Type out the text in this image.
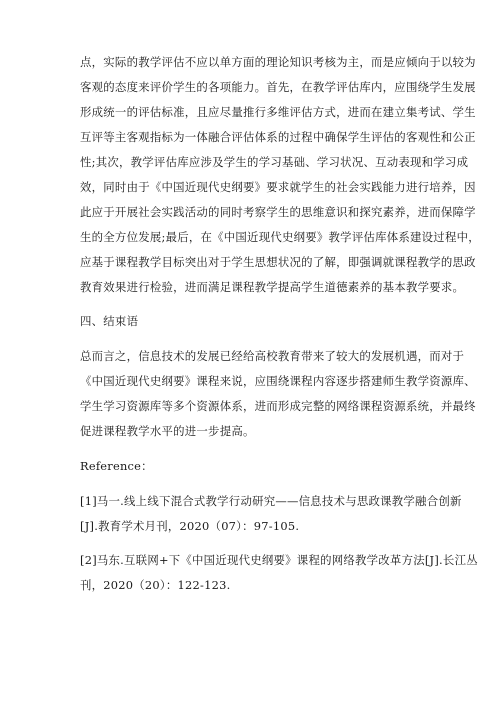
点，实际的教学评估不应以单方面的理论知识考核为主，而是应倾向于以较为
客观的态度来评价学生的各项能力。首先，在教学评估库内，应围绕学生发展
形成统一的评估标准，且应尽量推行多维评估方式，进而在建立集考试、学生
互评等主客观指标为一体融合评估体系的过程中确保学生评估的客观性和公正
性;其次，教学评估库应涉及学生的学习基础、学习状况、互动表现和学习成
效，同时由于《中国近现代史纲要》要求就学生的社会实践能力进行培养，因
此应于开展社会实践活动的同时考察学生的思维意识和探究素养，进而保障学
生的全方位发展;最后，在《中国近现代史纲要》教学评估库体系建设过程中，
应基于课程教学目标突出对于学生思想状况的了解，即强调就课程教学的思政
教育效果进行检验，进而满足课程教学提高学生道德素养的基本教学要求。
四、结束语
总而言之，信息技术的发展已经给高校教育带来了较大的发展机遇，而对于
《中国近现代史纲要》课程来说，应围绕课程内容逐步搭建师生教学资源库、
学生学习资源库等多个资源体系，进而形成完整的网络课程资源系统，并最终
促进课程教学水平的进一步提高。
Reference：
[1]马一.线上线下混合式教学行动研究——信息技术与思政课教学融合创新
[J].教育学术月刊，2020（07）：97-105.
[2]马东.互联网+下《中国近现代史纲要》课程的网络教学改革方法[J].长江丛
刊，2020（20）：122-123.
